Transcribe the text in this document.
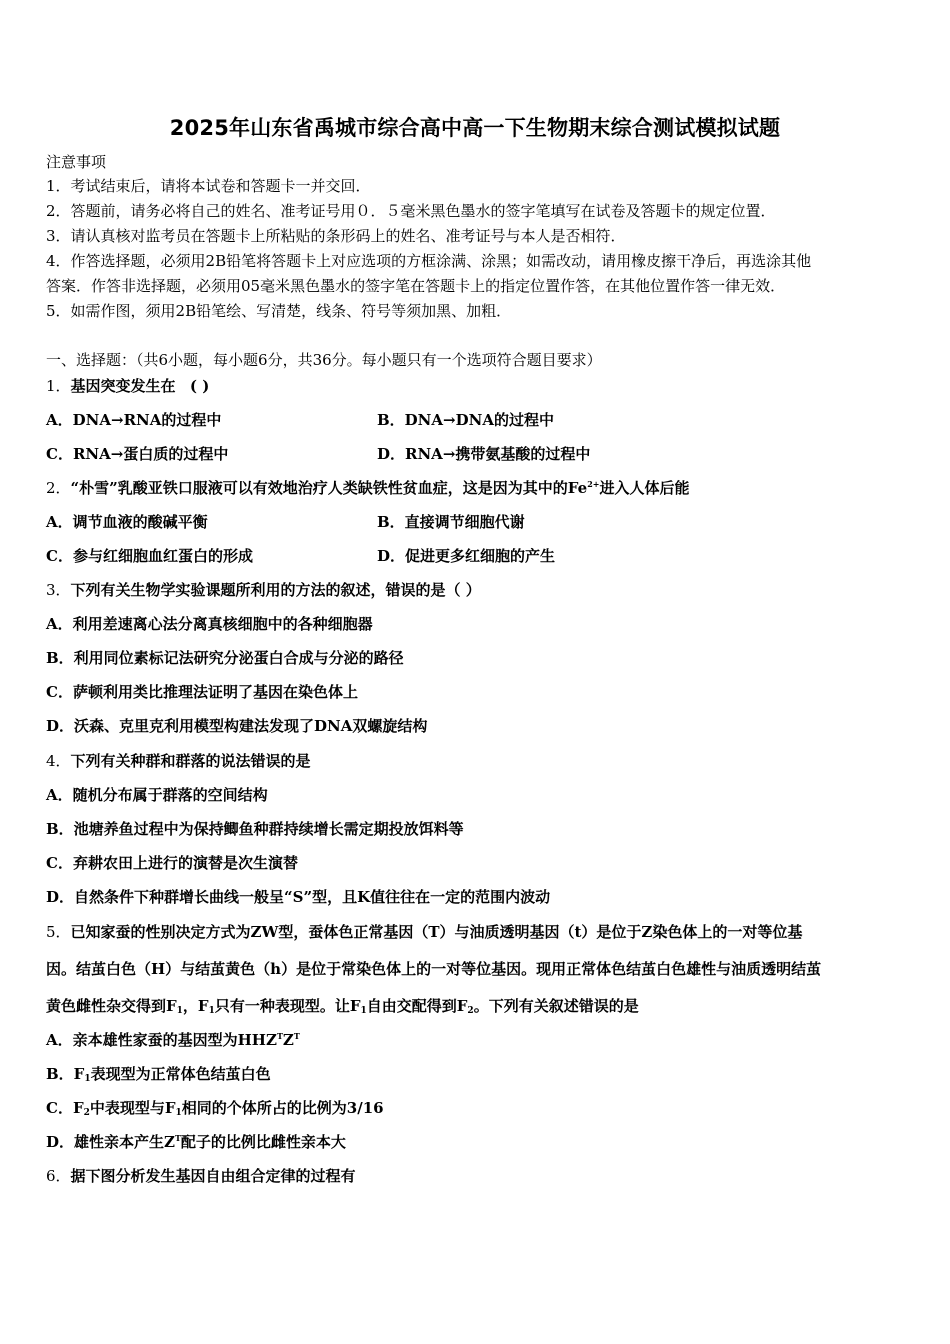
2025年山东省禹城市综合高中高一下生物期末综合测试模拟试题
注意事项
1．考试结束后，请将本试卷和答题卡一并交回．
2．答题前，请务必将自己的姓名、准考证号用０．５毫米黑色墨水的签字笔填写在试卷及答题卡的规定位置．
3．请认真核对监考员在答题卡上所粘贴的条形码上的姓名、准考证号与本人是否相符．
4．作答选择题，必须用2B铅笔将答题卡上对应选项的方框涂满、涂黑；如需改动，请用橡皮擦干净后，再选涂其他
答案．作答非选择题，必须用05毫米黑色墨水的签字笔在答题卡上的指定位置作答，在其他位置作答一律无效．
5．如需作图，须用2B铅笔绘、写清楚，线条、符号等须加黑、加粗．
一、选择题：（共6小题，每小题6分，共36分。每小题只有一个选项符合题目要求）
1．基因突变发生在 ( )
A．DNA→RNA的过程中	B．DNA→DNA的过程中
C．RNA→蛋白质的过程中	D．RNA→携带氨基酸的过程中
2．“朴雪”乳酸亚铁口服液可以有效地治疗人类缺铁性贫血症，这是因为其中的$Fe^{2+}$进入人体后能
A．调节血液的酸碱平衡	B．直接调节细胞代谢
C．参与红细胞血红蛋白的形成	D．促进更多红细胞的产生
3．下列有关生物学实验课题所利用的方法的叙述，错误的是（ ）
A．利用差速离心法分离真核细胞中的各种细胞器
B．利用同位素标记法研究分泌蛋白合成与分泌的路径
C．萨顿利用类比推理法证明了基因在染色体上
D．沃森、克里克利用模型构建法发现了DNA双螺旋结构
4．下列有关种群和群落的说法错误的是
A．随机分布属于群落的空间结构
B．池塘养鱼过程中为保持鲫鱼种群持续增长需定期投放饵料等
C．弃耕农田上进行的演替是次生演替
D．自然条件下种群增长曲线一般呈“S”型，且K值往往在一定的范围内波动
5．已知家蚕的性别决定方式为ZW型，蚕体色正常基因（T）与油质透明基因（t）是位于Z染色体上的一对等位基
因。结茧白色（H）与结茧黄色（h）是位于常染色体上的一对等位基因。现用正常体色结茧白色雄性与油质透明结茧
黄色雌性杂交得到$F_1$，$F_1$只有一种表现型。让$F_1$自由交配得到$F_2$。下列有关叙述错误的是
A．亲本雄性家蚕的基因型为$HHZ^TZ^T$
B．$F_1$表现型为正常体色结茧白色
C．$F_2$中表现型与$F_1$相同的个体所占的比例为3/16
D．雄性亲本产生$Z^T$配子的比例比雌性亲本大
6．据下图分析发生基因自由组合定律的过程有
